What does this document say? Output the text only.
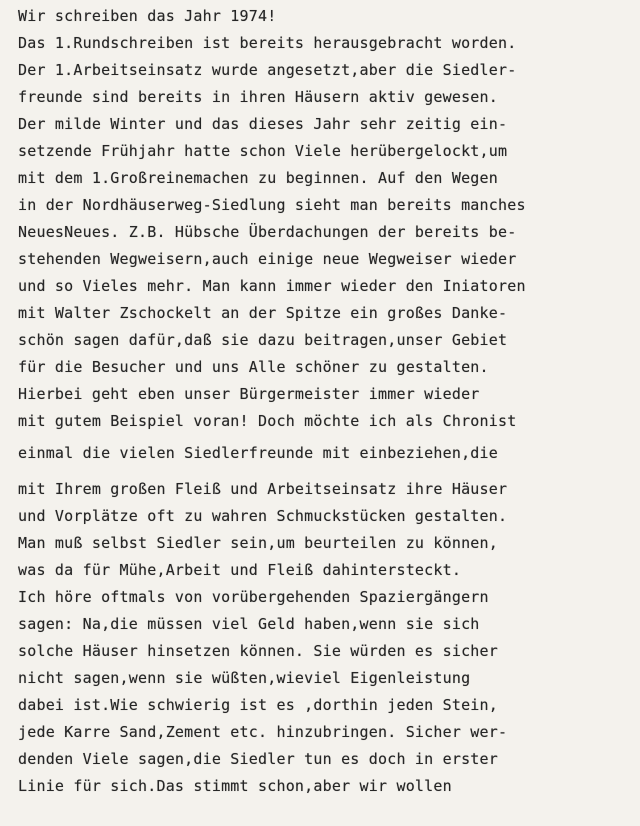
Wir schreiben das Jahr 1974!
Das 1.Rundschreiben ist bereits herausgebracht worden.
Der 1.Arbeitseinsatz wurde angesetzt,aber die Siedler-
freunde sind bereits in ihren Häusern aktiv gewesen.
Der milde Winter und das dieses Jahr sehr zeitig ein-
setzende Frühjahr hatte schon Viele herübergelockt,um
mit dem 1.Großreinemachen zu beginnen. Auf den Wegen
in der Nordhäuserweg-Siedlung sieht man bereits manches
NeuesNeues. Z.B. Hübsche Überdachungen der bereits be-
stehenden Wegweisern,auch einige neue Wegweiser wieder
und so Vieles mehr. Man kann immer wieder den Iniatoren
mit Walter Zschockelt an der Spitze ein großes Danke-
schön sagen dafür,daß sie dazu beitragen,unser Gebiet
für die Besucher und uns Alle schöner zu gestalten.
Hierbei geht eben unser Bürgermeister immer wieder
mit gutem Beispiel voran! Doch möchte ich als Chronist
einmal die vielen Siedlerfreunde mit einbeziehen,die
mit Ihrem großen Fleiß und Arbeitseinsatz ihre Häuser
und Vorplätze oft zu wahren Schmuckstücken gestalten.
Man muß selbst Siedler sein,um beurteilen zu können,
was da für Mühe,Arbeit und Fleiß dahintersteckt.
Ich höre oftmals von vorübergehenden Spaziergängern
sagen: Na,die müssen viel Geld haben,wenn sie sich
solche Häuser hinsetzen können. Sie würden es sicher
nicht sagen,wenn sie wüßten,wieviel Eigenleistung
dabei ist.Wie schwierig ist es ,dorthin jeden Stein,
jede Karre Sand,Zement etc. hinzubringen. Sicher wer-
denden Viele sagen,die Siedler tun es doch in erster
Linie für sich.Das stimmt schon,aber wir wollen
